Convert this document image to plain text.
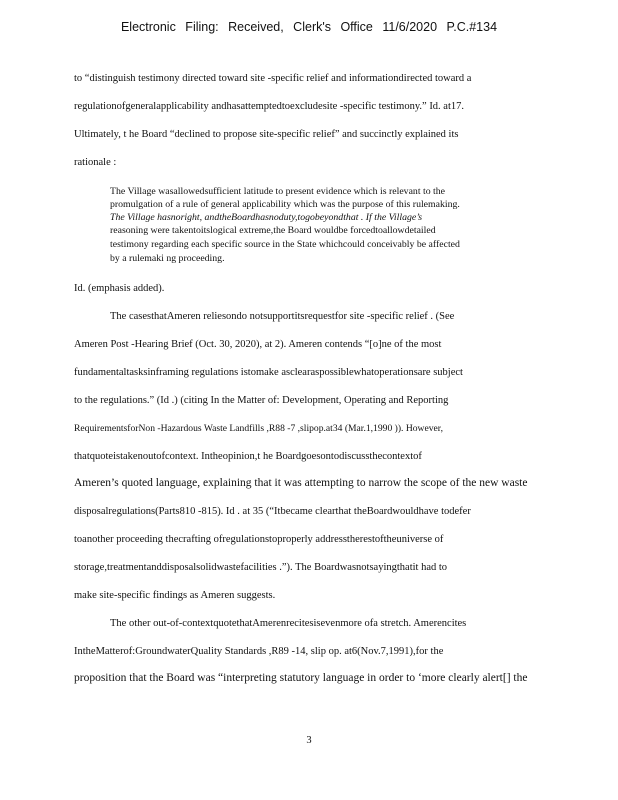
Electronic Filing: Received, Clerk's Office 11/6/2020 P.C.#134
to “distinguish testimony directed toward site -specific relief and informationdirected toward a
regulationofgeneralapplicability andhasattemptedtoexcludesite -specific testimony.” Id. at17.
Ultimately, t he Board “declined to propose site-specific relief” and succinctly explained its
rationale :
The Village wasallowedsufficient latitude to present evidence which is relevant to the
promulgation of a rule of general applicability which was the purpose of this rulemaking.
The Village hasnoright, andtheBoardhasnoduty,togobeyondthat . If the Village’s
reasoning were takentoitslogical extreme,the Board wouldbe forcedtoallowdetailed
testimony regarding each specific source in the State whichcould conceivably be affected
by a rulemaki ng proceeding.
Id. (emphasis added).
The casesthatAmeren reliesondo notsupportitsrequestfor site -specific relief . (See
Ameren Post -Hearing Brief (Oct. 30, 2020), at 2). Ameren contends “[o]ne of the most
fundamentaltasksinframing regulations istomake asclearaspossiblewhatoperationsare subject
to the regulations.” (Id .) (citing In the Matter of: Development, Operating and Reporting
RequirementsforNon -Hazardous Waste Landfills ,R88 -7 ,slipop.at34 (Mar.1,1990 )). However,
thatquoteistakenoutofcontext. Intheopinion,t he Boardgoesontodiscussthecontextof
Ameren’s quoted language, explaining that it was attempting to narrow the scope of the new waste
disposalregulations(Parts810 -815). Id . at 35 (“Itbecame clearthat theBoardwouldhave todefer
toanother proceeding thecrafting ofregulationstoproperly addresstherestoftheuniverse of
storage,treatmentanddisposalsolidwastefacilities .”). The Boardwasnotsayingthatit had to
make site-specific findings as Ameren suggests.
The other out-of-contextquotethatAmerenrecitesisevenmore ofa stretch. Amerencites
IntheMatterof:GroundwaterQuality Standards ,R89 -14, slip op. at6(Nov.7,1991),for the
proposition that the Board was “interpreting statutory language in order to ‘more clearly alert[] the
3
